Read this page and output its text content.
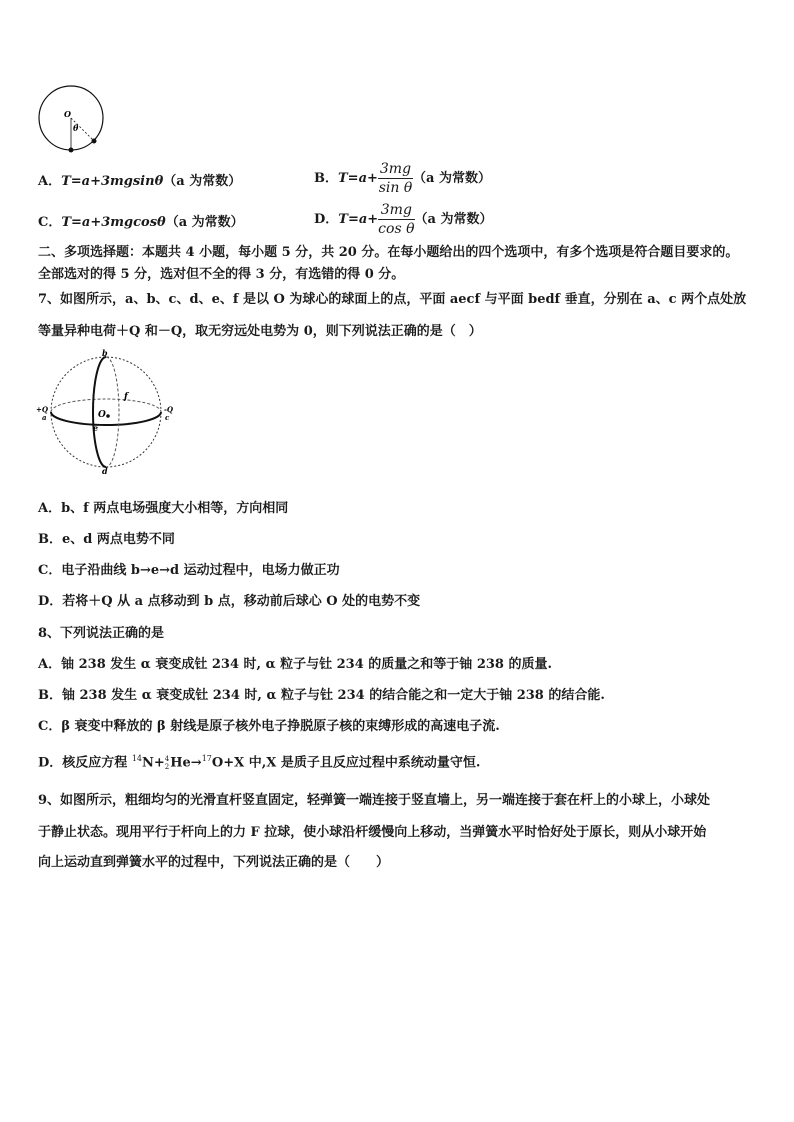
O
θ
A．T=a+3mgsinθ（a 为常数）	B．$T=a+ \frac{3mg}{\text{sin θ}} (a$ 为常数）
C．T=a+3mgcosθ（a 为常数）	D．$T=a+ \frac{3mg}{\text{cos θ}} (a$ 为常数）
二、多项选择题：本题共 4 小题，每小题 5 分，共 20 分。在每小题给出的四个选项中，有多个选项是符合题目要求的。
全部选对的得 5 分，选对但不全的得 3 分，有选错的得 0 分。
7、如图所示，a、b、c、d、e、f 是以 O 为球心的球面上的点，平面 aecf 与平面 bedf 垂直，分别在 a、c 两个点处放
等量异种电荷＋Q 和－Q，取无穷远处电势为 0，则下列说法正确的是（　）
b
d
f
O
e
+Q
a
-Q
c
A．b、f 两点电场强度大小相等，方向相同
B．e、d 两点电势不同
C．电子沿曲线 b→e→d 运动过程中，电场力做正功
D．若将＋Q 从 a 点移动到 b 点，移动前后球心 O 处的电势不变
8、下列说法正确的是
A．铀 238 发生 α 衰变成钍 234 时, α 粒子与钍 234 的质量之和等于铀 238 的质量.
B．铀 238 发生 α 衰变成钍 234 时, α 粒子与钍 234 的结合能之和一定大于铀 238 的结合能.
C．β 衰变中释放的 β 射线是原子核外电子挣脱原子核的束缚形成的高速电子流.
D．核反应方程 $^{14}$N+ 4
2 He→$^{17}$O+X 中,X 是质子且反应过程中系统动量守恒.
9、如图所示，粗细均匀的光滑直杆竖直固定，轻弹簧一端连接于竖直墙上，另一端连接于套在杆上的小球上，小球处
于静止状态。现用平行于杆向上的力 F 拉球，使小球沿杆缓慢向上移动，当弹簧水平时恰好处于原长，则从小球开始
向上运动直到弹簧水平的过程中，下列说法正确的是（　　）
